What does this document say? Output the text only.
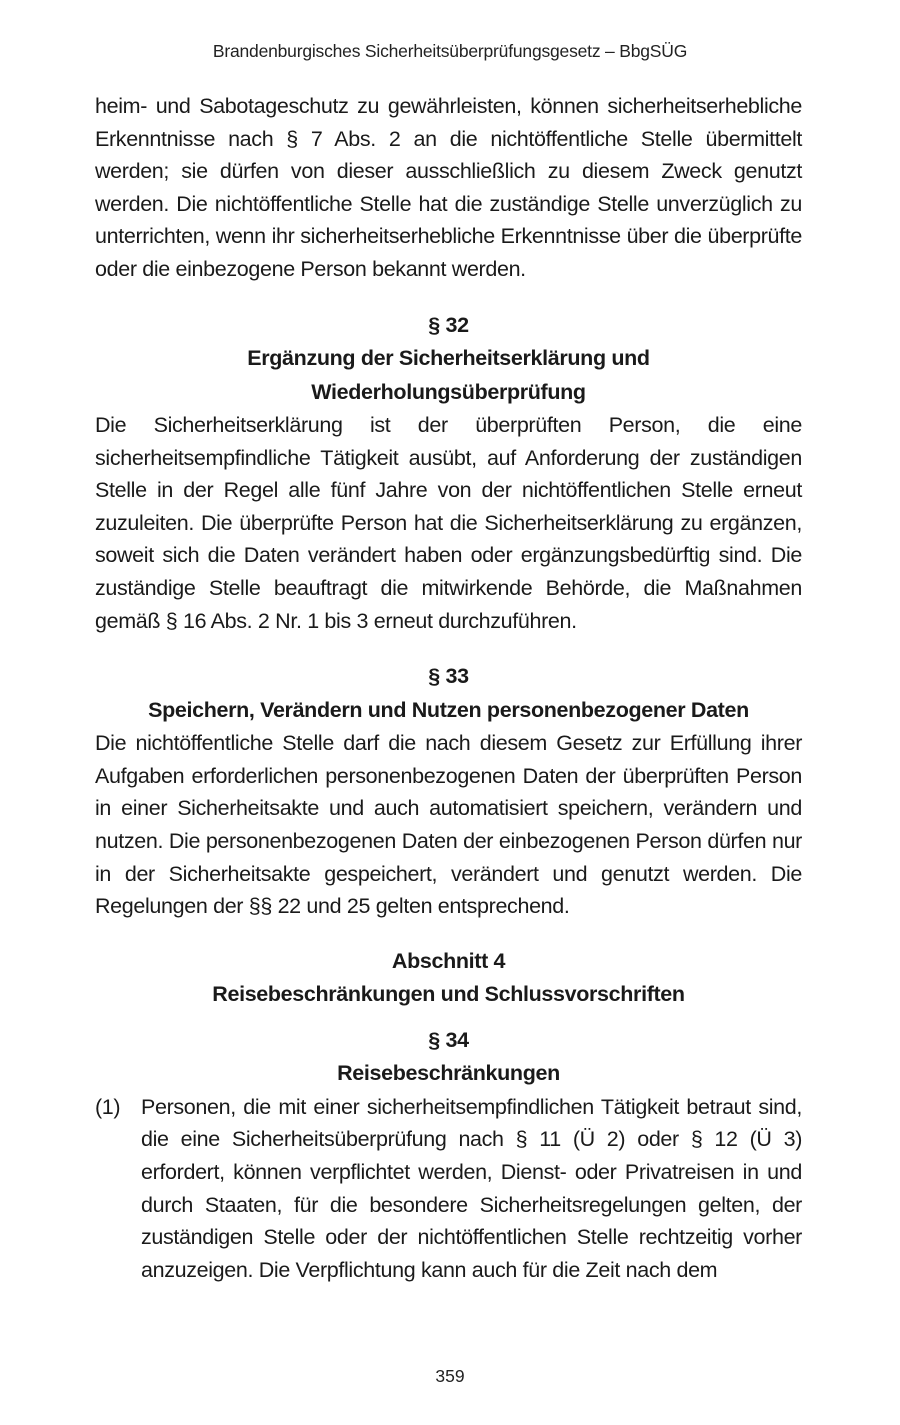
Brandenburgisches Sicherheitsüberprüfungsgesetz – BbgSÜG

heim- und Sabotageschutz zu gewährleisten, können sicherheitserhebliche Erkenntnisse nach § 7 Abs. 2 an die nichtöffentliche Stelle übermittelt werden; sie dürfen von dieser ausschließlich zu diesem Zweck genutzt werden. Die nichtöffentliche Stelle hat die zuständige Stelle unverzüglich zu unterrichten, wenn ihr sicherheitserhebliche Erkenntnisse über die überprüfte oder die einbezogene Person bekannt werden.

§ 32
Ergänzung der Sicherheitserklärung und
Wiederholungsüberprüfung

Die Sicherheitserklärung ist der überprüften Person, die eine sicherheitsempfindliche Tätigkeit ausübt, auf Anforderung der zuständigen Stelle in der Regel alle fünf Jahre von der nichtöffentlichen Stelle erneut zuzuleiten. Die überprüfte Person hat die Sicherheitserklärung zu ergänzen, soweit sich die Daten verändert haben oder ergänzungsbedürftig sind. Die zuständige Stelle beauftragt die mitwirkende Behörde, die Maßnahmen gemäß § 16 Abs. 2 Nr. 1 bis 3 erneut durchzuführen.

§ 33
Speichern, Verändern und Nutzen personenbezogener Daten

Die nichtöffentliche Stelle darf die nach diesem Gesetz zur Erfüllung ihrer Aufgaben erforderlichen personenbezogenen Daten der überprüften Person in einer Sicherheitsakte und auch automatisiert speichern, verändern und nutzen. Die personenbezogenen Daten der einbezogenen Person dürfen nur in der Sicherheitsakte gespeichert, verändert und genutzt werden. Die Regelungen der §§ 22 und 25 gelten entsprechend.

Abschnitt 4
Reisebeschränkungen und Schlussvorschriften
§ 34
Reisebeschränkungen
(1) Personen, die mit einer sicherheitsempfindlichen Tätigkeit betraut sind, die eine Sicherheitsüberprüfung nach § 11 (Ü 2) oder § 12 (Ü 3) erfordert, können verpflichtet werden, Dienst- oder Privatreisen in und durch Staaten, für die besondere Sicherheitsregelungen gelten, der zuständigen Stelle oder der nichtöffentlichen Stelle rechtzeitig vorher anzuzeigen. Die Verpflichtung kann auch für die Zeit nach dem
359
